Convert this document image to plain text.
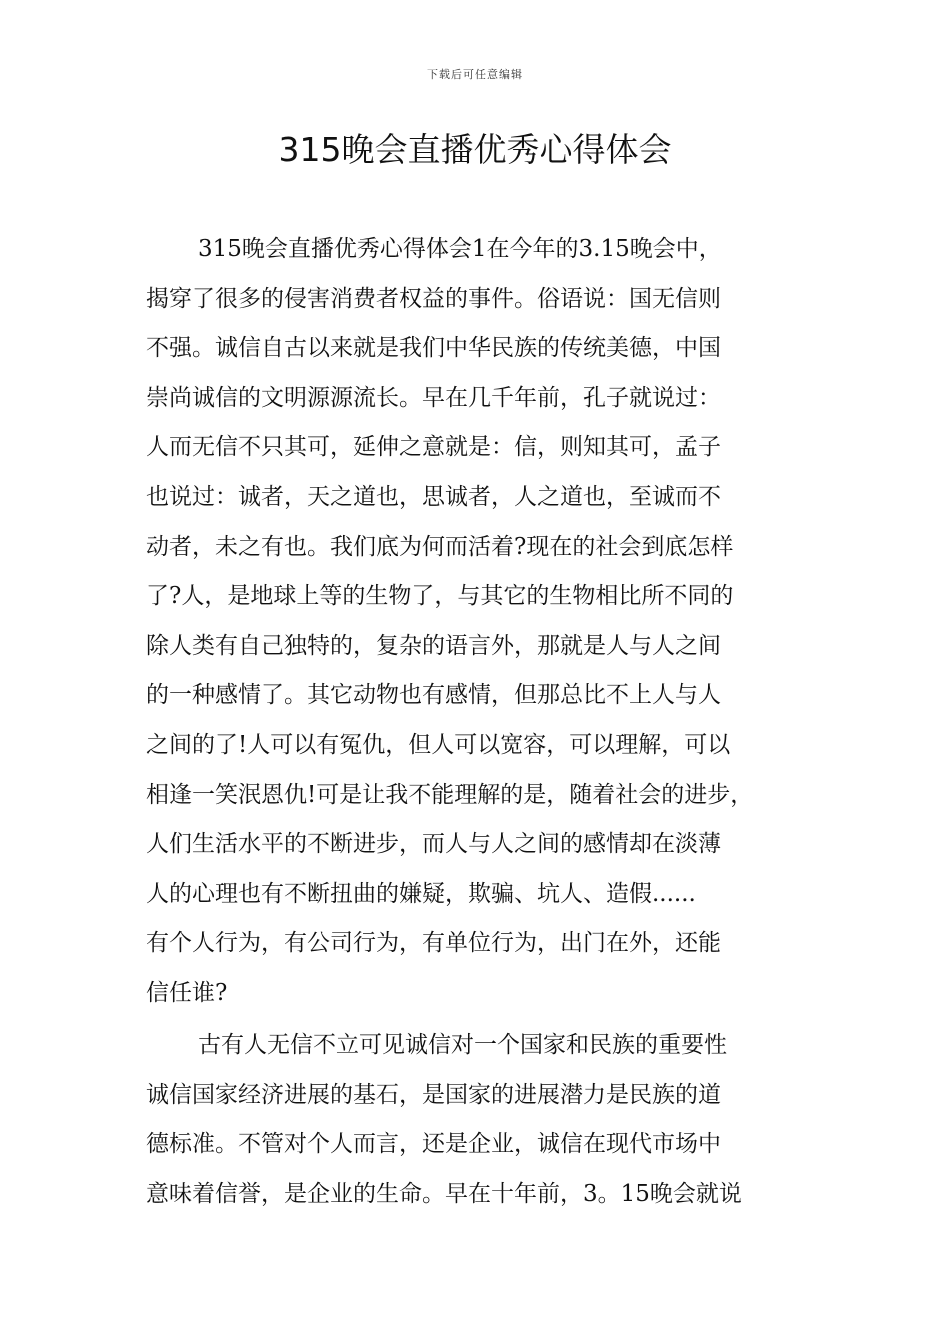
下载后可任意编辑
315晚会直播优秀心得体会
315晚会直播优秀心得体会1在今年的3.15晚会中，
揭穿了很多的侵害消费者权益的事件。俗语说：国无信则
不强。诚信自古以来就是我们中华民族的传统美德，中国
崇尚诚信的文明源源流长。早在几千年前，孔子就说过：
人而无信不只其可，延伸之意就是：信，则知其可，孟子
也说过：诚者，天之道也，思诚者，人之道也，至诚而不
动者，未之有也。我们底为何而活着?现在的社会到底怎样
了?人，是地球上等的生物了，与其它的生物相比所不同的
除人类有自己独特的，复杂的语言外，那就是人与人之间
的一种感情了。其它动物也有感情，但那总比不上人与人
之间的了!人可以有冤仇，但人可以宽容，可以理解，可以
相逢一笑泯恩仇!可是让我不能理解的是，随着社会的进步，
人们生活水平的不断进步，而人与人之间的感情却在淡薄
人的心理也有不断扭曲的嫌疑，欺骗、坑人、造假......
有个人行为，有公司行为，有单位行为，出门在外，还能
信任谁?
古有人无信不立可见诚信对一个国家和民族的重要性
诚信国家经济进展的基石，是国家的进展潜力是民族的道
德标准。不管对个人而言，还是企业，诚信在现代市场中
意味着信誉，是企业的生命。早在十年前，3。15晚会就说
